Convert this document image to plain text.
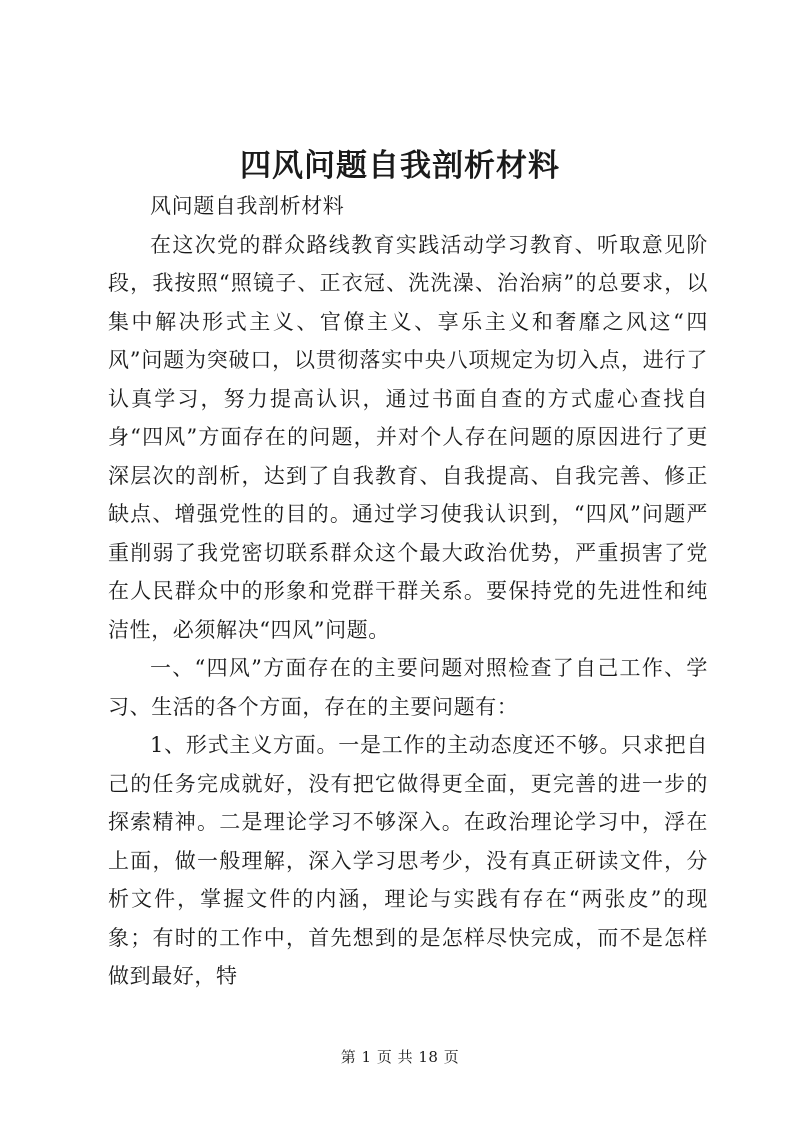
四风问题自我剖析材料

风问题自我剖析材料

在这次党的群众路线教育实践活动学习教育、听取意见阶段，我按照“照镜子、正衣冠、洗洗澡、治治病”的总要求，以集中解决形式主义、官僚主义、享乐主义和奢靡之风这“四风”问题为突破口，以贯彻落实中央八项规定为切入点，进行了认真学习，努力提高认识，通过书面自查的方式虚心查找自身“四风”方面存在的问题，并对个人存在问题的原因进行了更深层次的剖析，达到了自我教育、自我提高、自我完善、修正缺点、增强党性的目的。通过学习使我认识到，“四风”问题严重削弱了我党密切联系群众这个最大政治优势，严重损害了党在人民群众中的形象和党群干群关系。要保持党的先进性和纯洁性，必须解决“四风”问题。

一、“四风”方面存在的主要问题对照检查了自己工作、学习、生活的各个方面，存在的主要问题有：

1、形式主义方面。一是工作的主动态度还不够。只求把自己的任务完成就好，没有把它做得更全面，更完善的进一步的探索精神。二是理论学习不够深入。在政治理论学习中，浮在上面，做一般理解，深入学习思考少，没有真正研读文件，分析文件，掌握文件的内涵，理论与实践有存在“两张皮”的现象；有时的工作中，首先想到的是怎样尽快完成，而不是怎样做到最好，特

第 1 页 共 18 页
